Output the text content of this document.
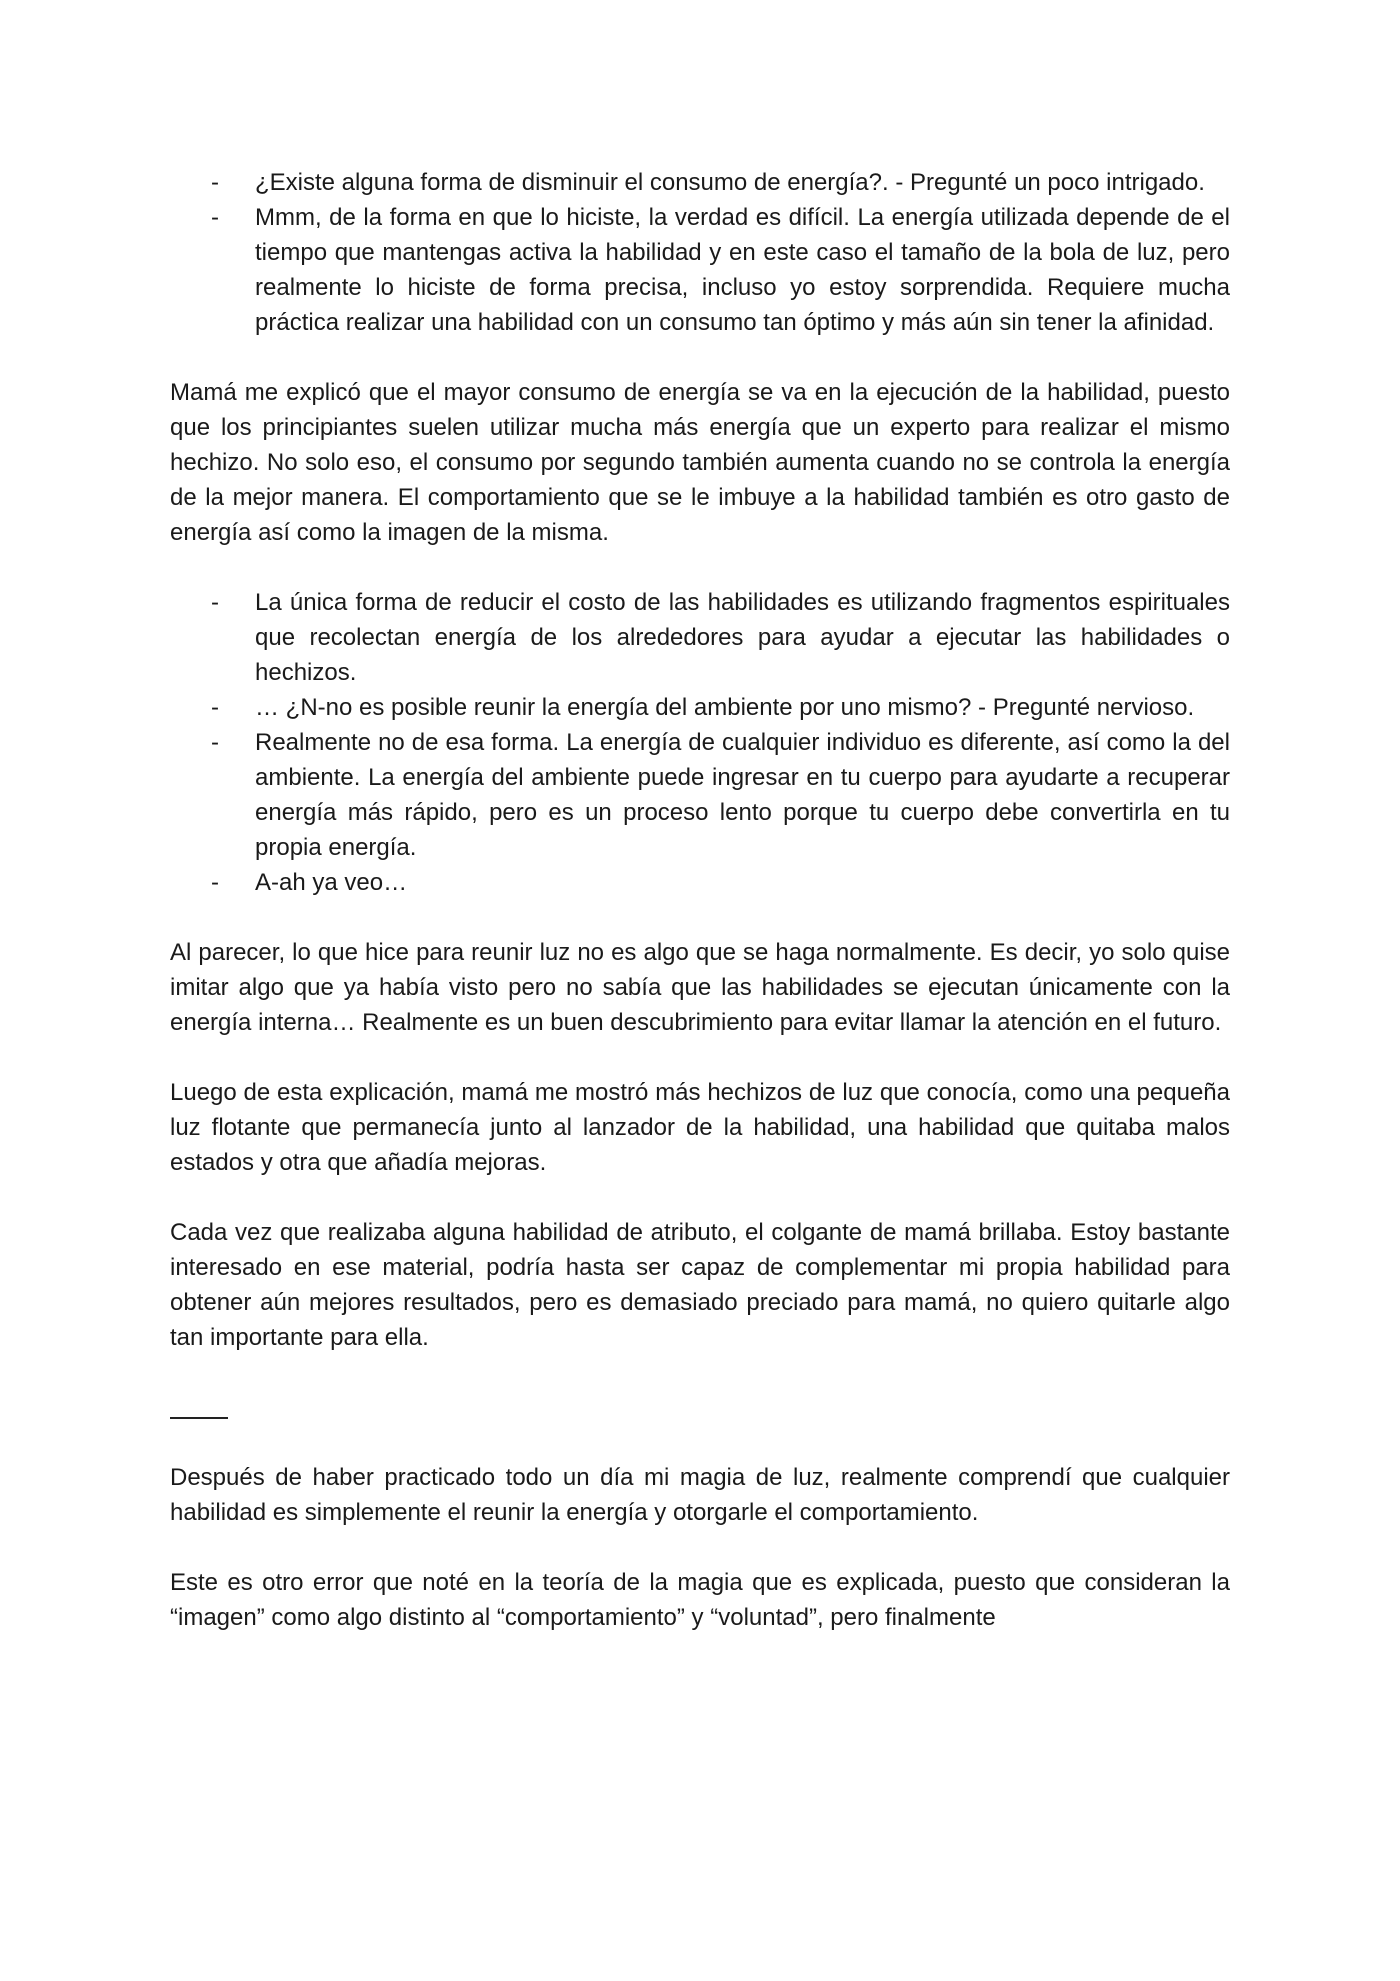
- ¿Existe alguna forma de disminuir el consumo de energía?. - Pregunté un poco intrigado.
- Mmm, de la forma en que lo hiciste, la verdad es difícil. La energía utilizada depende de el tiempo que mantengas activa la habilidad y en este caso el tamaño de la bola de luz, pero realmente lo hiciste de forma precisa, incluso yo estoy sorprendida. Requiere mucha práctica realizar una habilidad con un consumo tan óptimo y más aún sin tener la afinidad.

Mamá me explicó que el mayor consumo de energía se va en la ejecución de la habilidad, puesto que los principiantes suelen utilizar mucha más energía que un experto para realizar el mismo hechizo. No solo eso, el consumo por segundo también aumenta cuando no se controla la energía de la mejor manera. El comportamiento que se le imbuye a la habilidad también es otro gasto de energía así como la imagen de la misma.

- La única forma de reducir el costo de las habilidades es utilizando fragmentos espirituales que recolectan energía de los alrededores para ayudar a ejecutar las habilidades o hechizos.
- … ¿N-no es posible reunir la energía del ambiente por uno mismo? - Pregunté nervioso.
- Realmente no de esa forma. La energía de cualquier individuo es diferente, así como la del ambiente. La energía del ambiente puede ingresar en tu cuerpo para ayudarte a recuperar energía más rápido, pero es un proceso lento porque tu cuerpo debe convertirla en tu propia energía.
- A-ah ya veo…

Al parecer, lo que hice para reunir luz no es algo que se haga normalmente. Es decir, yo solo quise imitar algo que ya había visto pero no sabía que las habilidades se ejecutan únicamente con la energía interna… Realmente es un buen descubrimiento para evitar llamar la atención en el futuro.

Luego de esta explicación, mamá me mostró más hechizos de luz que conocía, como una pequeña luz flotante que permanecía junto al lanzador de la habilidad, una habilidad que quitaba malos estados y otra que añadía mejoras.

Cada vez que realizaba alguna habilidad de atributo, el colgante de mamá brillaba. Estoy bastante interesado en ese material, podría hasta ser capaz de complementar mi propia habilidad para obtener aún mejores resultados, pero es demasiado preciado para mamá, no quiero quitarle algo tan importante para ella.

Después de haber practicado todo un día mi magia de luz, realmente comprendí que cualquier habilidad es simplemente el reunir la energía y otorgarle el comportamiento.

Este es otro error que noté en la teoría de la magia que es explicada, puesto que consideran la “imagen” como algo distinto al “comportamiento” y “voluntad”, pero finalmente
